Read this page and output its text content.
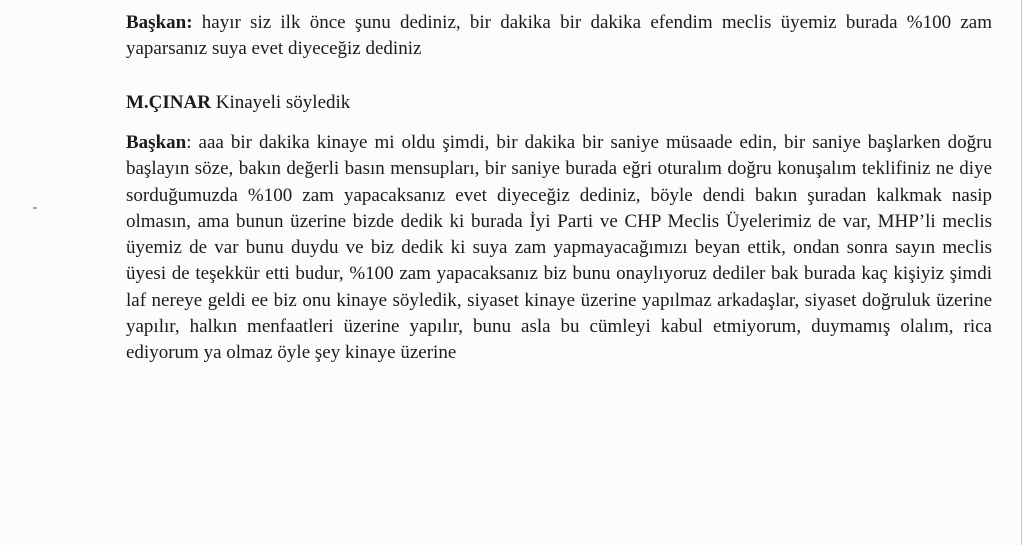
Başkan: hayır siz ilk önce şunu dediniz, bir dakika bir dakika efendim meclis üyemiz burada %100 zam yaparsanız suya evet diyeceğiz dediniz

M.ÇINAR Kinayeli söyledik

Başkan: aaa bir dakika kinaye mi oldu şimdi, bir dakika bir saniye müsaade edin, bir saniye başlarken doğru başlayın söze, bakın değerli basın mensupları, bir saniye burada eğri oturalım doğru konuşalım teklifiniz ne diye sorduğumuzda %100 zam yapacaksanız evet diyeceğiz dediniz, böyle dendi bakın şuradan kalkmak nasip olmasın, ama bunun üzerine bizde dedik ki burada İyi Parti ve CHP Meclis Üyelerimiz de var, MHP’li meclis üyemiz de var bunu duydu ve biz dedik ki suya zam yapmayacağımızı beyan ettik, ondan sonra sayın meclis üyesi de teşekkür etti budur, %100 zam yapacaksanız biz bunu onaylıyoruz dediler bak burada kaç kişiyiz şimdi laf nereye geldi ee biz onu kinaye söyledik, siyaset kinaye üzerine yapılmaz arkadaşlar, siyaset doğruluk üzerine yapılır, halkın menfaatleri üzerine yapılır, bunu asla bu cümleyi kabul etmiyorum, duymamış olalım, rica ediyorum ya olmaz öyle şey kinaye üzerine
